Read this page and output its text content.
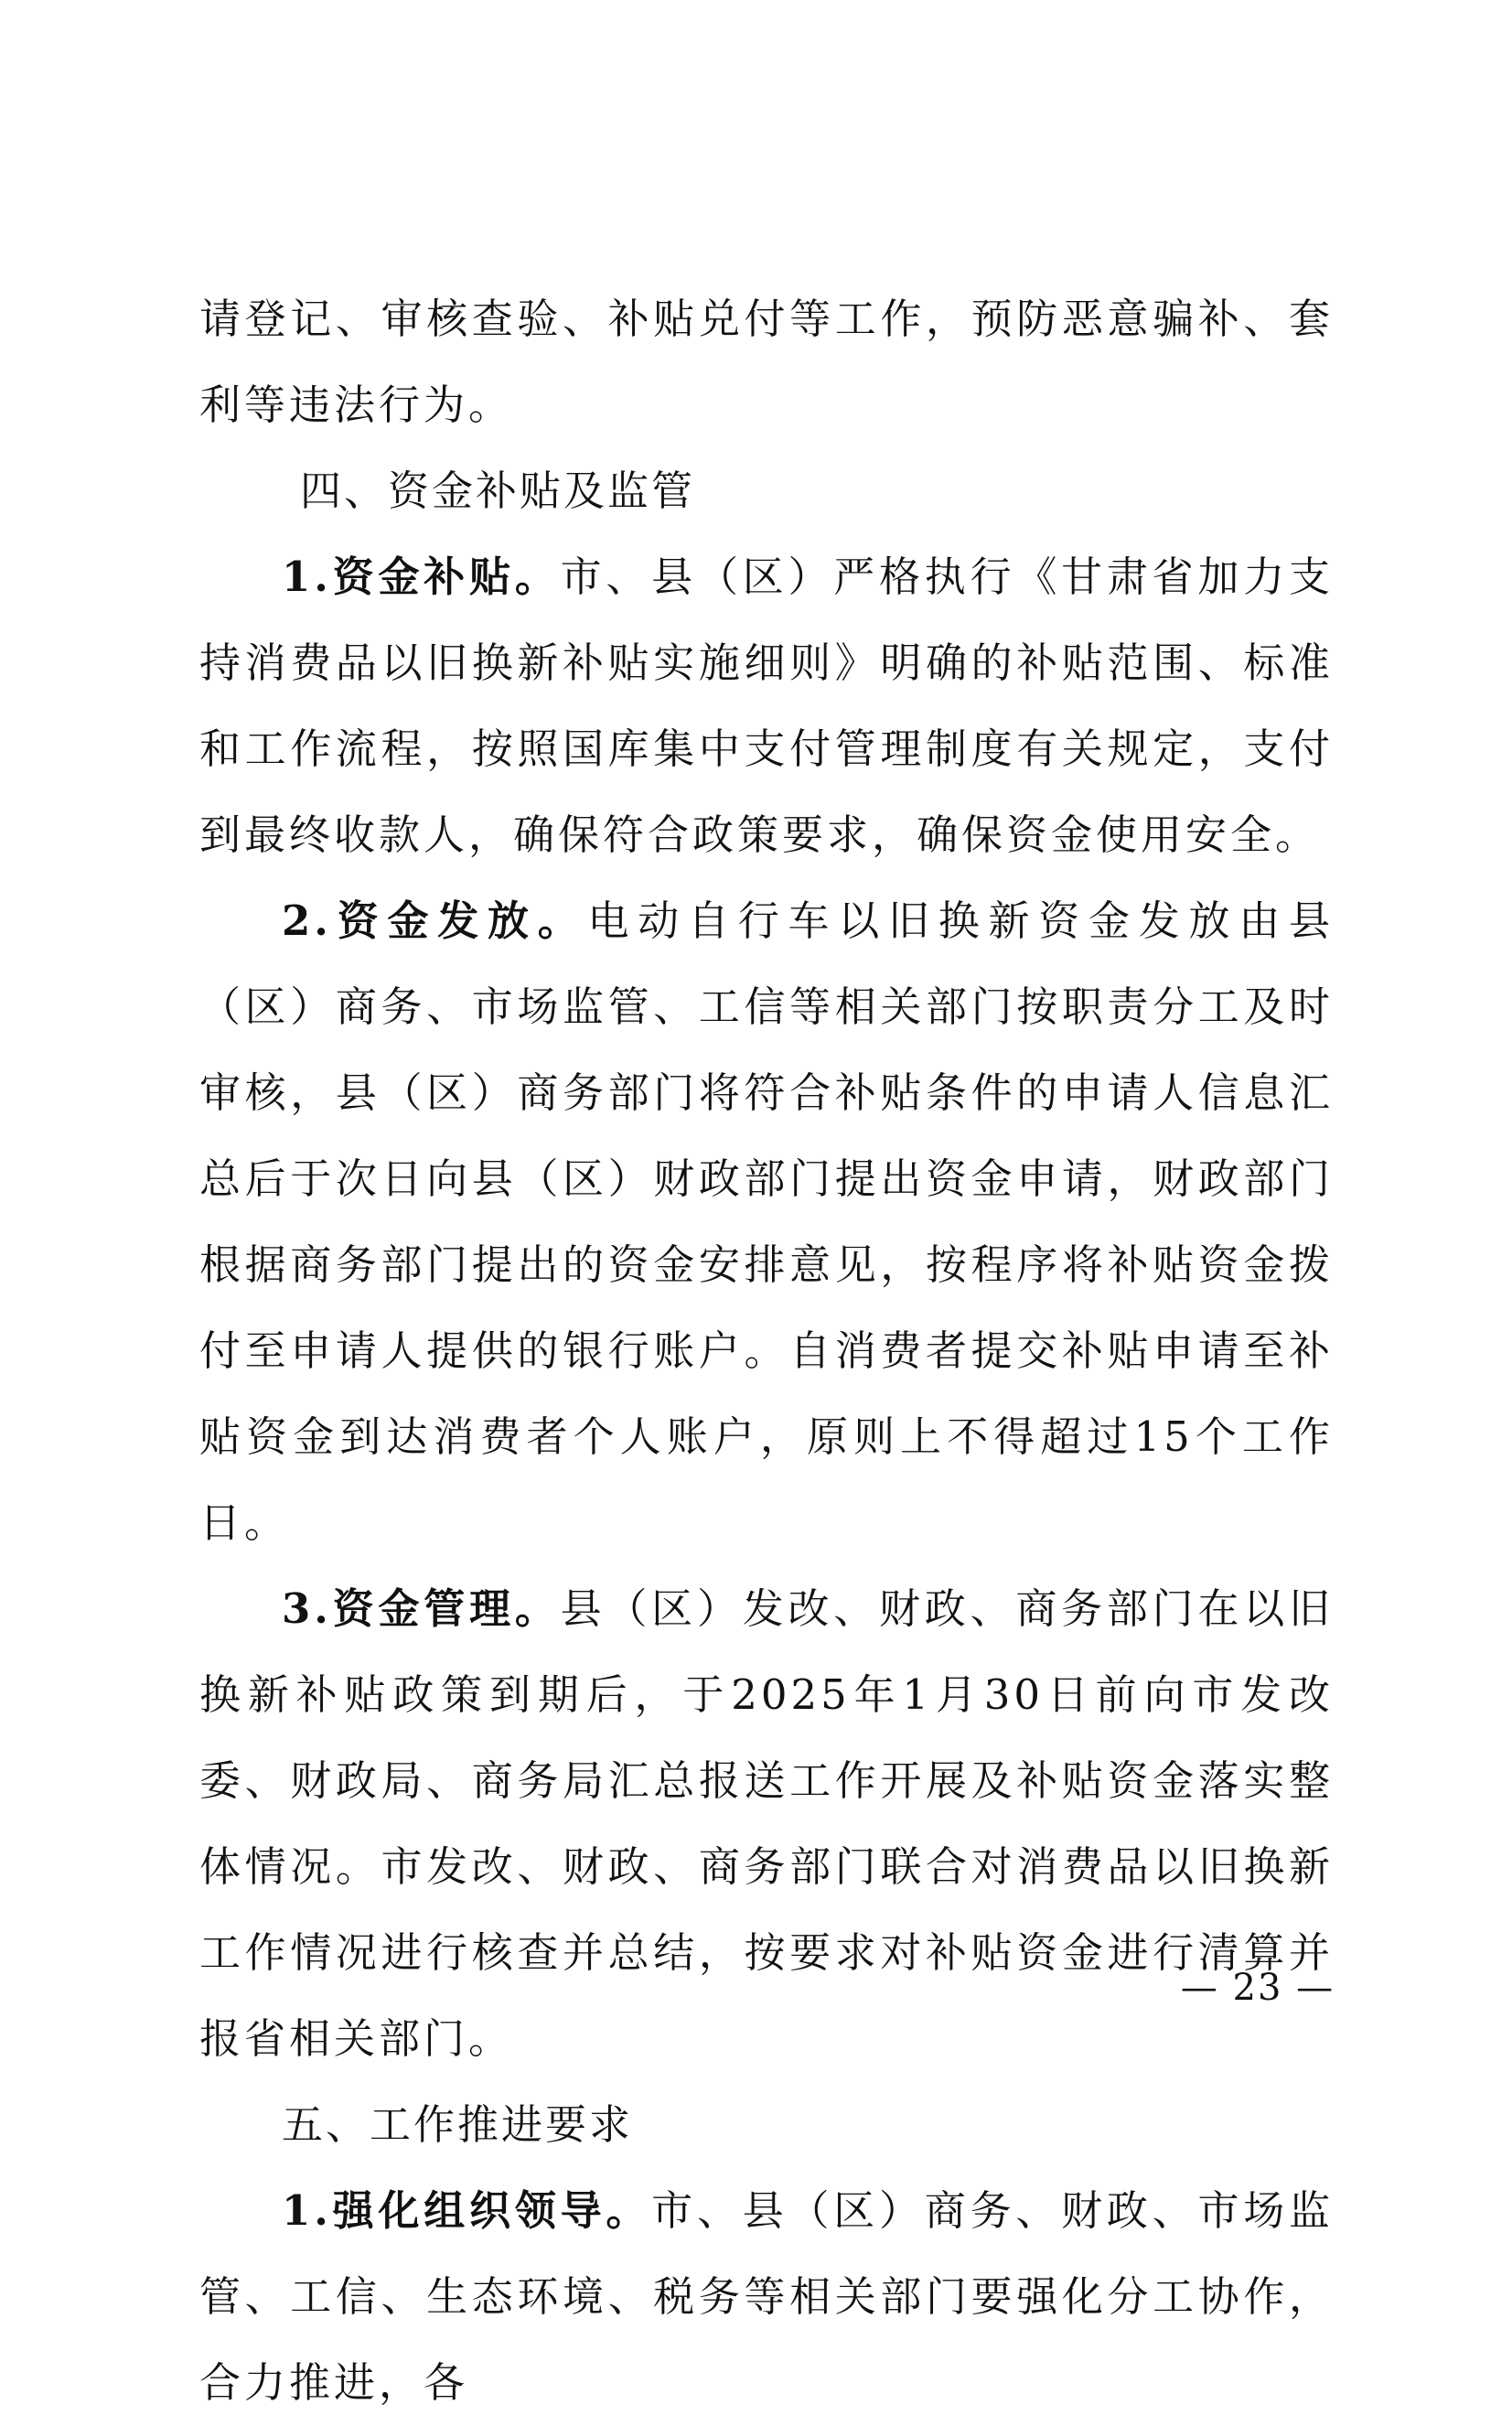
请登记、审核查验、补贴兑付等工作，预防恶意骗补、套利等违法行为。

四、资金补贴及监管

1.资金补贴。市、县（区）严格执行《甘肃省加力支持消费品以旧换新补贴实施细则》明确的补贴范围、标准和工作流程，按照国库集中支付管理制度有关规定，支付到最终收款人，确保符合政策要求，确保资金使用安全。

2.资金发放。电动自行车以旧换新资金发放由县（区）商务、市场监管、工信等相关部门按职责分工及时审核，县（区）商务部门将符合补贴条件的申请人信息汇总后于次日向县（区）财政部门提出资金申请，财政部门根据商务部门提出的资金安排意见，按程序将补贴资金拨付至申请人提供的银行账户。自消费者提交补贴申请至补贴资金到达消费者个人账户，原则上不得超过15个工作日。

3.资金管理。县（区）发改、财政、商务部门在以旧换新补贴政策到期后，于2025年1月30日前向市发改委、财政局、商务局汇总报送工作开展及补贴资金落实整体情况。市发改、财政、商务部门联合对消费品以旧换新工作情况进行核查并总结，按要求对补贴资金进行清算并报省相关部门。

五、工作推进要求

1.强化组织领导。市、县（区）商务、财政、市场监管、工信、生态环境、税务等相关部门要强化分工协作，合力推进，各

— 23 —
